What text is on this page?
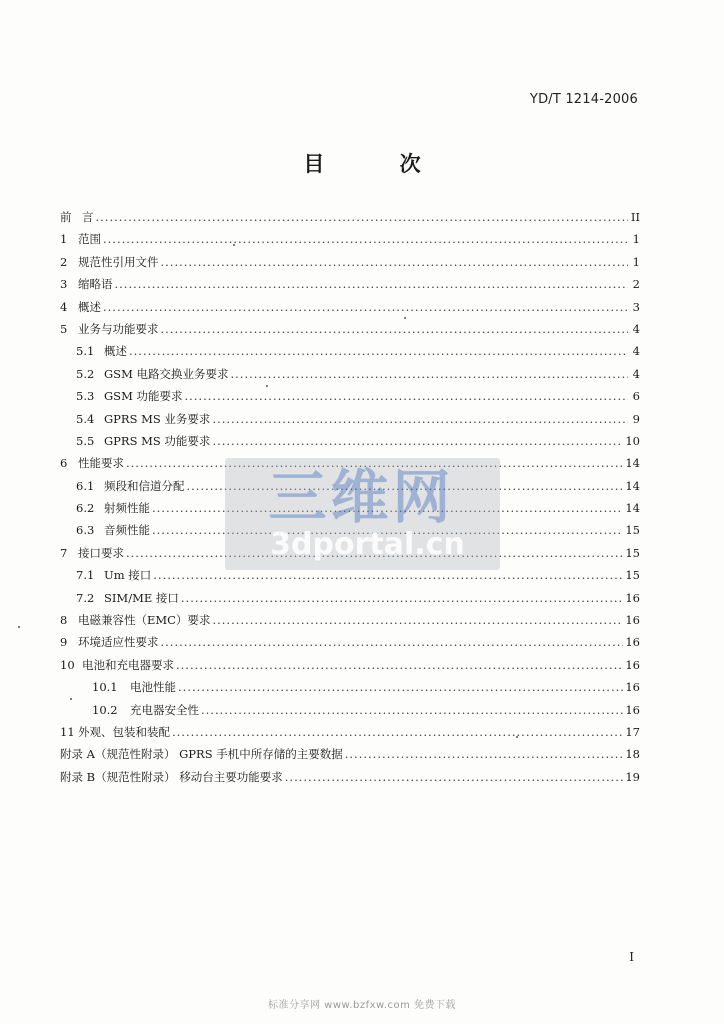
YD/T 1214-2006
目 次
前 言 .....	II
1 范围 .....	1
2 规范性引用文件 .....	1
3 缩略语 .....	2
4 概述 .....	3
5 业务与功能要求 .....	4
5.1 概述 .....	4
5.2 GSM 电路交换业务要求 .....	4
5.3 GSM 功能要求 .....	6
5.4 GPRS MS 业务要求 .....	9
5.5 GPRS MS 功能要求 .....	10
6 性能要求 .....	14
6.1 频段和信道分配 .....	14
6.2 射频性能 .....	14
6.3 音频性能 .....	15
7 接口要求 .....	15
7.1 Um 接口 .....	15
7.2 SIM/ME 接口 .....	16
8 电磁兼容性（EMC）要求 .....	16
9 环境适应性要求 .....	16
10 电池和充电器要求 .....	16
10.1	电池性能 .....	16
10.2	充电器安全性 .....	16
11 外观、包装和装配 .....	17
附录 A（规范性附录） GPRS 手机中所存储的主要数据 .....	18
附录 B（规范性附录） 移动台主要功能要求 .....	19
三维网
3dportal.cn
I
标准分享网 www.bzfxw.com 免费下载
